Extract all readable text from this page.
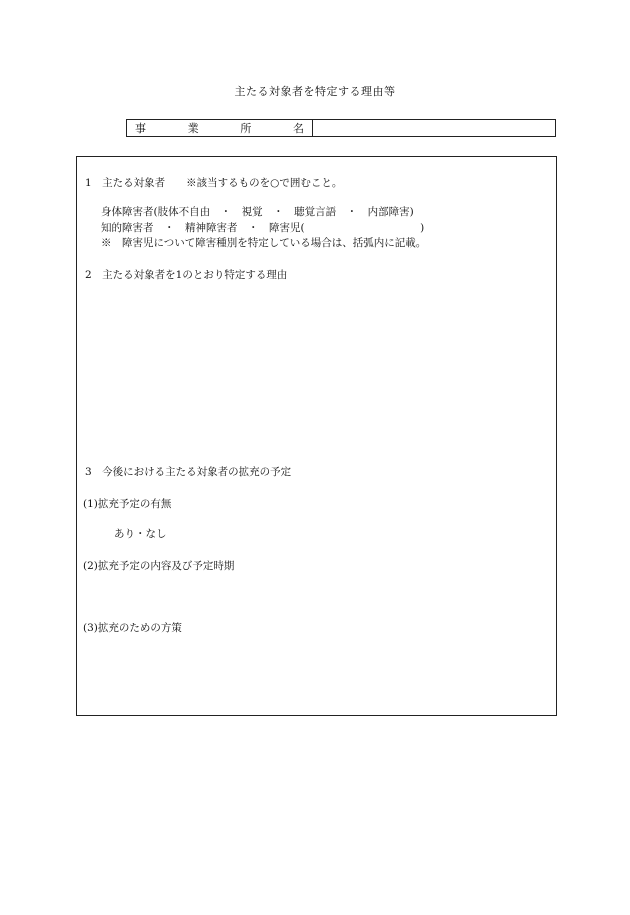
主たる対象者を特定する理由等
事	業	所	名
1　主たる対象者　　※該当するものを○で囲むこと。
身体障害者(肢体不自由　・　視覚　・　聴覚言語　・　内部障害)
知的障害者　・　精神障害者　・　障害児(　　　　　　　　　　　)
※　障害児について障害種別を特定している場合は、括弧内に記載。
2　主たる対象者を1のとおり特定する理由
3　今後における主たる対象者の拡充の予定
(1)拡充予定の有無
あり・なし
(2)拡充予定の内容及び予定時期
(3)拡充のための方策
